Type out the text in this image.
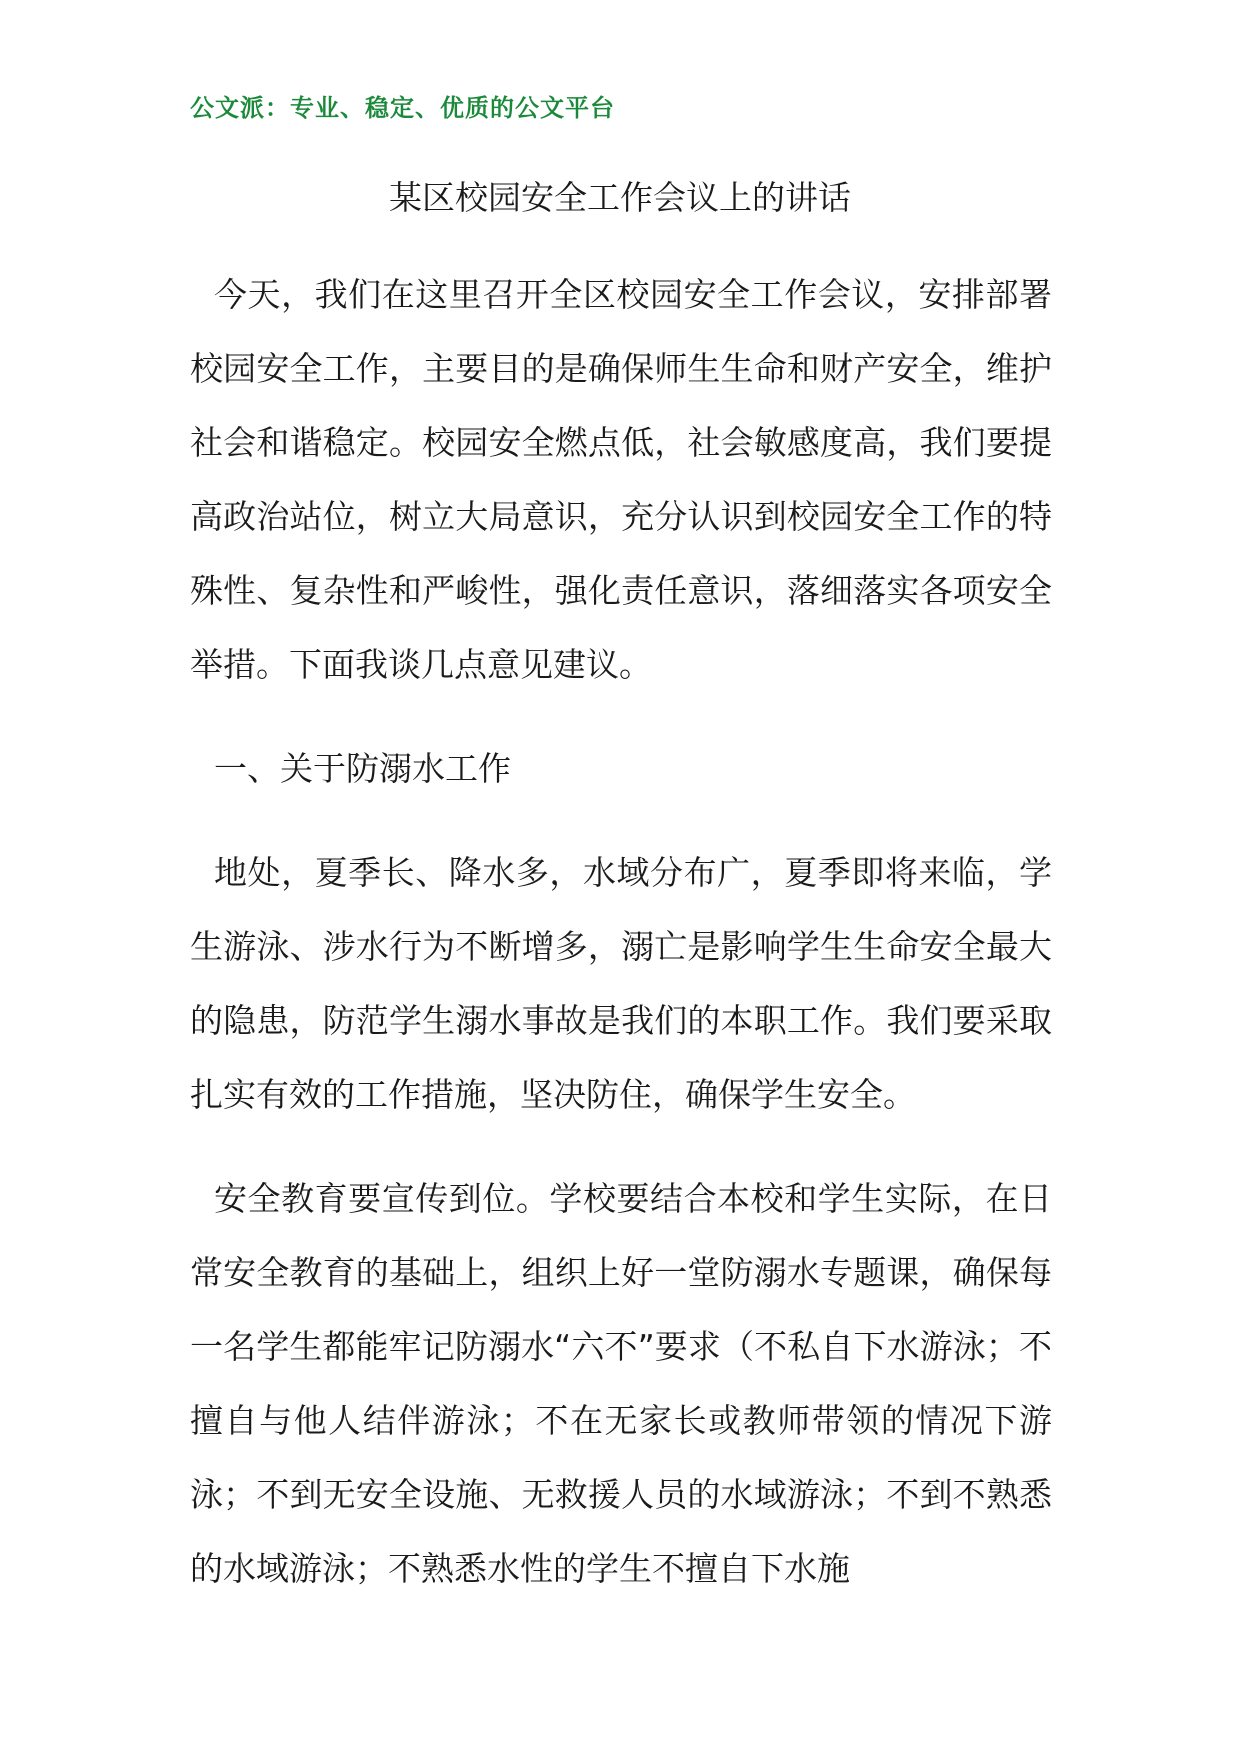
公文派：专业、稳定、优质的公文平台
某区校园安全工作会议上的讲话

今天，我们在这里召开全区校园安全工作会议，安排部署校园安全工作，主要目的是确保师生生命和财产安全，维护社会和谐稳定。校园安全燃点低，社会敏感度高，我们要提高政治站位，树立大局意识，充分认识到校园安全工作的特殊性、复杂性和严峻性，强化责任意识，落细落实各项安全举措。下面我谈几点意见建议。

一、关于防溺水工作

地处，夏季长、降水多，水域分布广，夏季即将来临，学生游泳、涉水行为不断增多，溺亡是影响学生生命安全最大的隐患，防范学生溺水事故是我们的本职工作。我们要采取扎实有效的工作措施，坚决防住，确保学生安全。

安全教育要宣传到位。学校要结合本校和学生实际，在日常安全教育的基础上，组织上好一堂防溺水专题课，确保每一名学生都能牢记防溺水“六不”要求（不私自下水游泳；不擅自与他人结伴游泳；不在无家长或教师带领的情况下游泳；不到无安全设施、无救援人员的水域游泳；不到不熟悉的水域游泳；不熟悉水性的学生不擅自下水施
